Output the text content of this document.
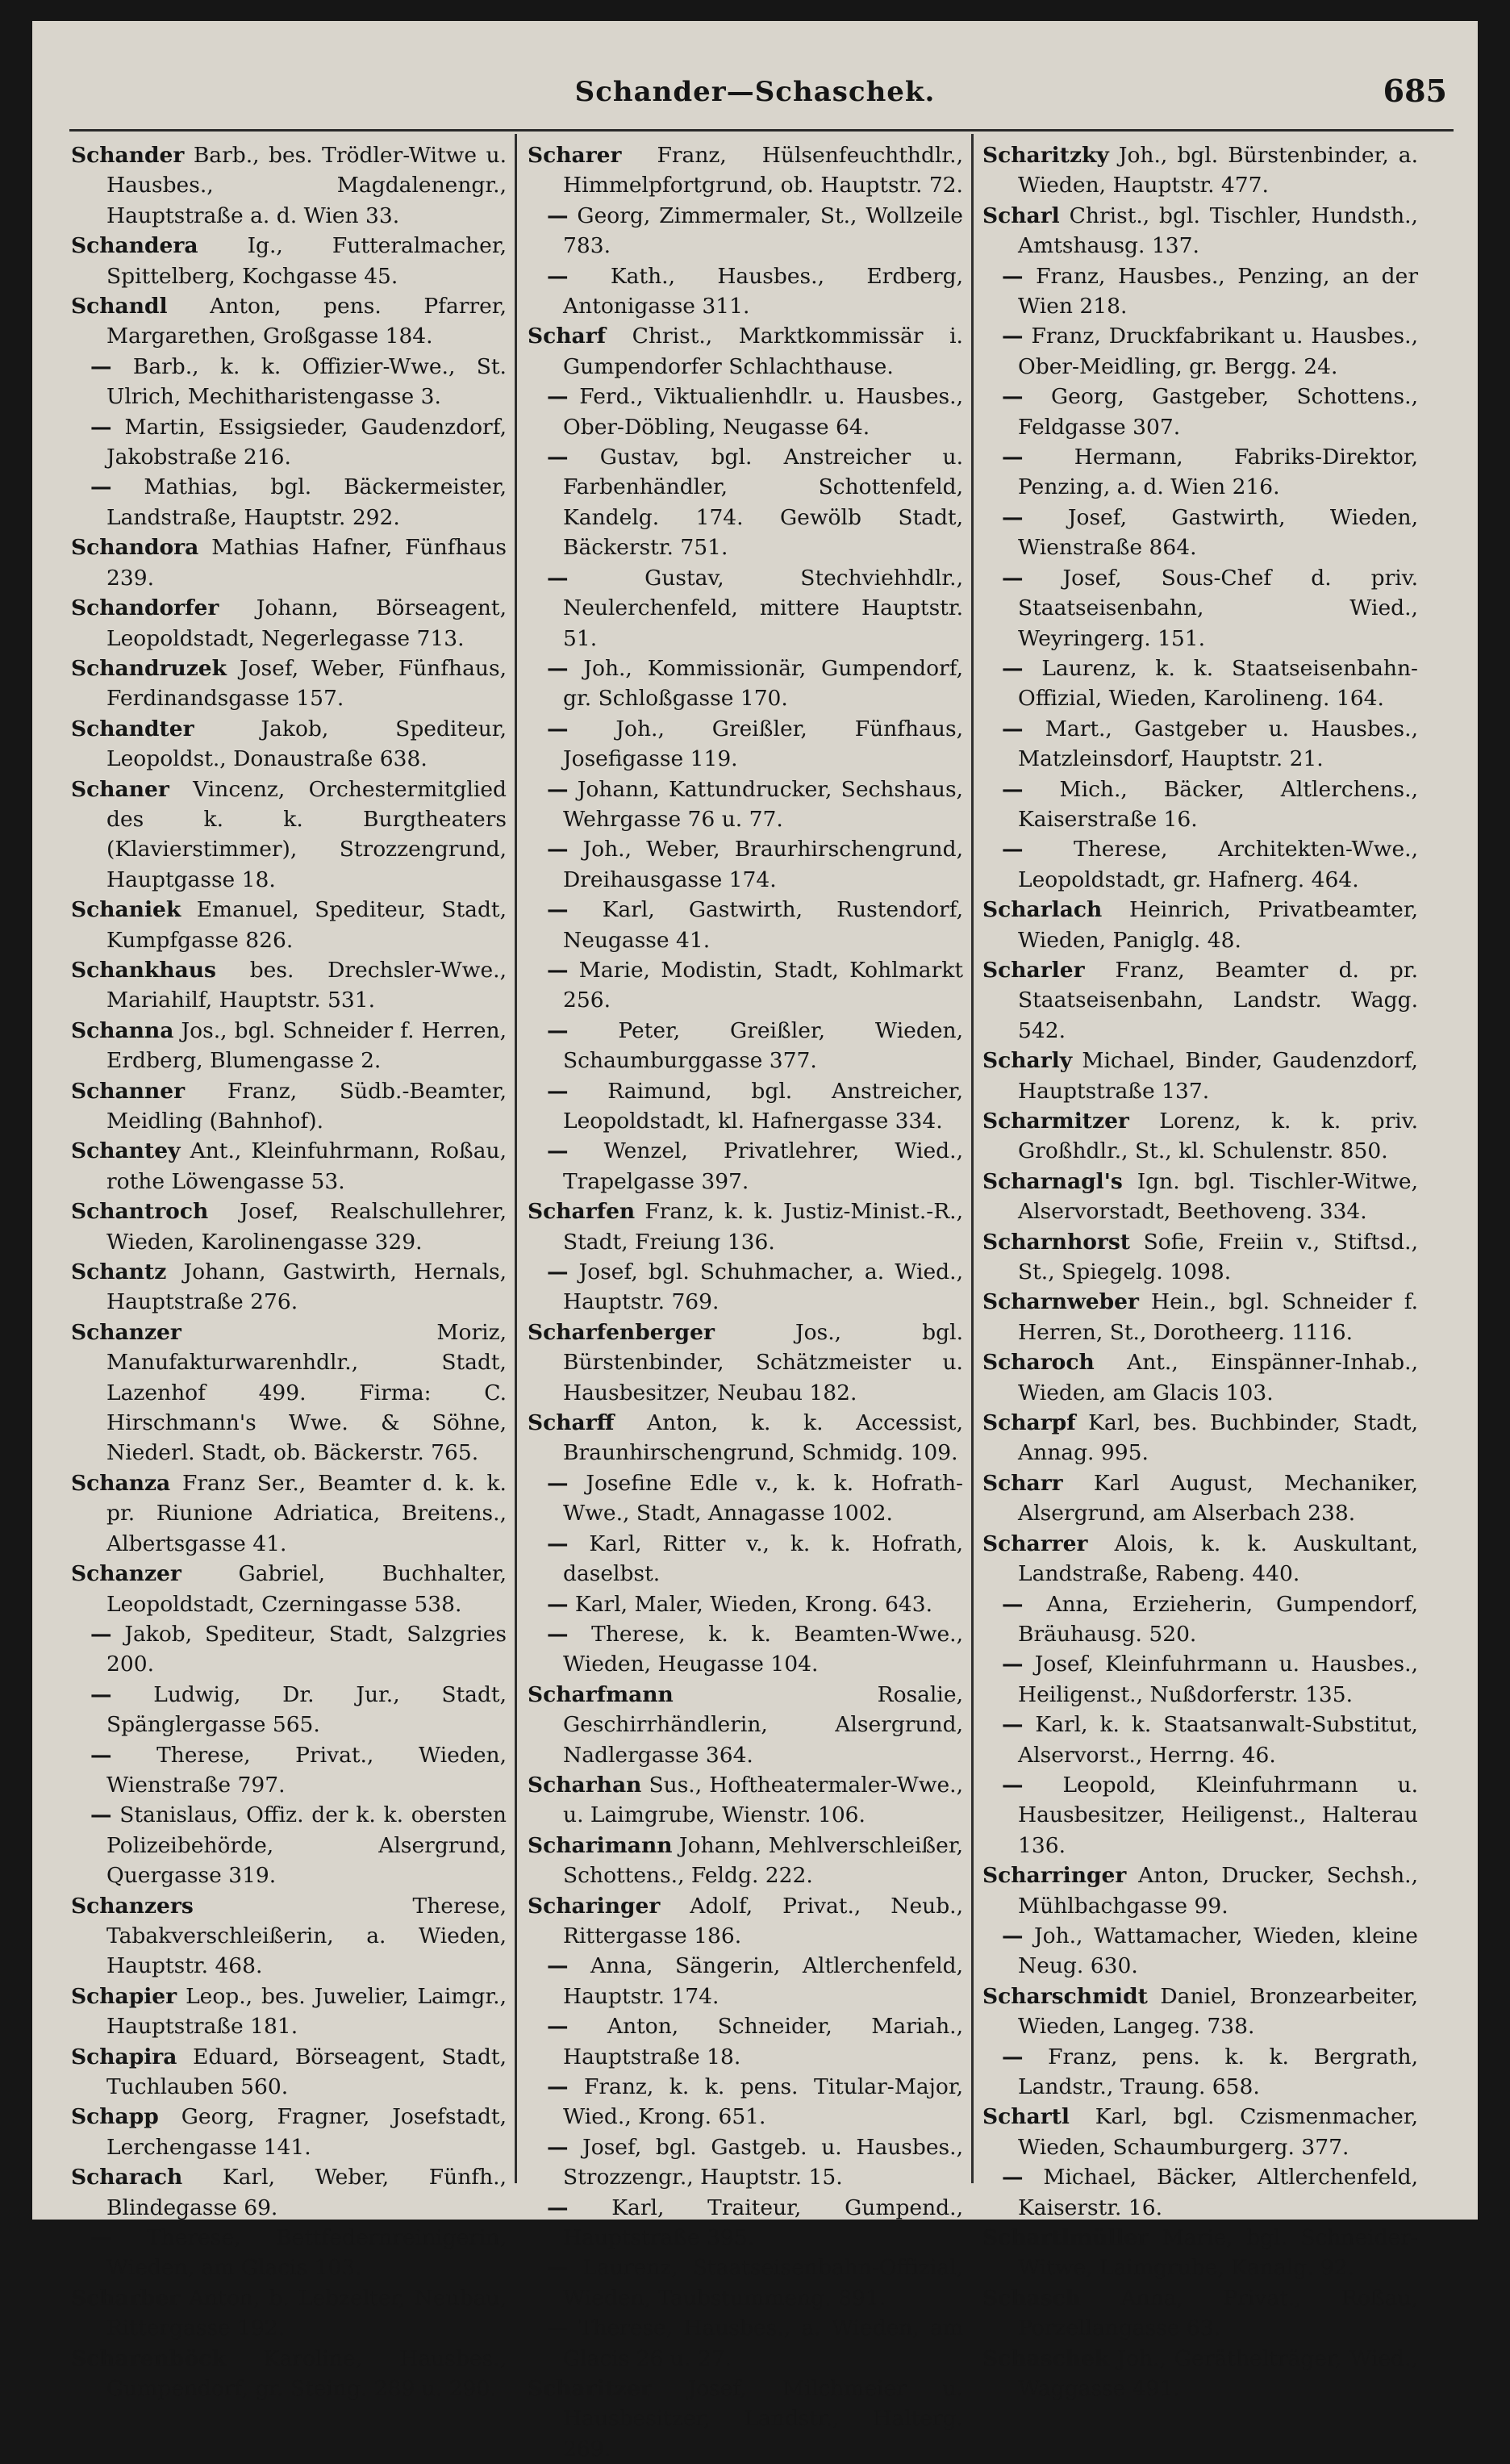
Schander—Schaschek.	685

Schander Barb., bes. Trödler-Witwe u. Hausbes., Magdalenengr., Hauptstraße a. d. Wien 33.

Schandera Ig., Futteralmacher, Spittelberg, Kochgasse 45.

Schandl Anton, pens. Pfarrer, Margarethen, Großgasse 184.

— Barb., k. k. Offizier-Wwe., St. Ulrich, Mechitharistengasse 3.

— Martin, Essigsieder, Gaudenzdorf, Jakobstraße 216.

— Mathias, bgl. Bäckermeister, Landstraße, Hauptstr. 292.

Schandora Mathias Hafner, Fünfhaus 239.

Schandorfer Johann, Börseagent, Leopoldstadt, Negerlegasse 713.

Schandruzek Josef, Weber, Fünfhaus, Ferdinandsgasse 157.

Schandter Jakob, Spediteur, Leopoldst., Donaustraße 638.

Schaner Vincenz, Orchestermitglied des k. k. Burgtheaters (Klavierstimmer), Strozzengrund, Hauptgasse 18.

Schaniek Emanuel, Spediteur, Stadt, Kumpfgasse 826.

Schankhaus bes. Drechsler-Wwe., Mariahilf, Hauptstr. 531.

Schanna Jos., bgl. Schneider f. Herren, Erdberg, Blumengasse 2.

Schanner Franz, Südb.-Beamter, Meidling (Bahnhof).

Schantey Ant., Kleinfuhrmann, Roßau, rothe Löwengasse 53.

Schantroch Josef, Realschullehrer, Wieden, Karolinengasse 329.

Schantz Johann, Gastwirth, Hernals, Hauptstraße 276.

Schanzer Moriz, Manufakturwarenhdlr., Stadt, Lazenhof 499. Firma: C. Hirschmann's Wwe. & Söhne, Niederl. Stadt, ob. Bäckerstr. 765.

Schanza Franz Ser., Beamter d. k. k. pr. Riunione Adriatica, Breitens., Albertsgasse 41.

Schanzer Gabriel, Buchhalter, Leopoldstadt, Czerningasse 538.

— Jakob, Spediteur, Stadt, Salzgries 200.

— Ludwig, Dr. Jur., Stadt, Spänglergasse 565.

— Therese, Privat., Wieden, Wienstraße 797.

— Stanislaus, Offiz. der k. k. obersten Polizeibehörde, Alsergrund, Quergasse 319.

Schanzers Therese, Tabakverschleißerin, a. Wieden, Hauptstr. 468.

Schapier Leop., bes. Juwelier, Laimgr., Hauptstraße 181.

Schapira Eduard, Börseagent, Stadt, Tuchlauben 560.

Schapp Georg, Fragner, Josefstadt, Lerchengasse 141.

Scharach Karl, Weber, Fünfh., Blindegasse 69.

— Therese, Bettfedernreinigerin, Wieden, am Glacis 103.

Scharber Anton, b. Lebzelter, Neubau, Rittergasse 192.

Scharenböck Karoline, Hausbes., Gumpendorf, gr. Steing. 289 u. 290.

Scharer Franz, Hülsenfeuchthdlr., Himmelpfortgrund, ob. Hauptstr. 72.

— Georg, Zimmermaler, St., Wollzeile 783.

— Kath., Hausbes., Erdberg, Antonigasse 311.

Scharf Christ., Marktkommissär i. Gumpendorfer Schlachthause.

— Ferd., Viktualienhdlr. u. Hausbes., Ober-Döbling, Neugasse 64.

— Gustav, bgl. Anstreicher u. Farbenhändler, Schottenfeld, Kandelg. 174. Gewölb Stadt, Bäckerstr. 751.

— Gustav, Stechviehhdlr., Neulerchenfeld, mittere Hauptstr. 51.

— Joh., Kommissionär, Gumpendorf, gr. Schloßgasse 170.

— Joh., Greißler, Fünfhaus, Josefigasse 119.

— Johann, Kattundrucker, Sechshaus, Wehrgasse 76 u. 77.

— Joh., Weber, Braurhirschengrund, Dreihausgasse 174.

— Karl, Gastwirth, Rustendorf, Neugasse 41.

— Marie, Modistin, Stadt, Kohlmarkt 256.

— Peter, Greißler, Wieden, Schaumburggasse 377.

— Raimund, bgl. Anstreicher, Leopoldstadt, kl. Hafnergasse 334.

— Wenzel, Privatlehrer, Wied., Trapelgasse 397.

Scharfen Franz, k. k. Justiz-Minist.-R., Stadt, Freiung 136.

— Josef, bgl. Schuhmacher, a. Wied., Hauptstr. 769.

Scharfenberger Jos., bgl. Bürstenbinder, Schätzmeister u. Hausbesitzer, Neubau 182.

Scharff Anton, k. k. Accessist, Braunhirschengrund, Schmidg. 109.

— Josefine Edle v., k. k. Hofrath-Wwe., Stadt, Annagasse 1002.

— Karl, Ritter v., k. k. Hofrath, daselbst.

— Karl, Maler, Wieden, Krong. 643.

— Therese, k. k. Beamten-Wwe., Wieden, Heugasse 104.

Scharfmann Rosalie, Geschirrhändlerin, Alsergrund, Nadlergasse 364.

Scharhan Sus., Hoftheatermaler-Wwe., u. Laimgrube, Wienstr. 106.

Scharimann Johann, Mehlverschleißer, Schottens., Feldg. 222.

Scharinger Adolf, Privat., Neub., Rittergasse 186.

— Anna, Sängerin, Altlerchenfeld, Hauptstr. 174.

— Anton, Schneider, Mariah., Hauptstraße 18.

— Franz, k. k. pens. Titular-Major, Wied., Krong. 651.

— Josef, bgl. Gastgeb. u. Hausbes., Strozzengr., Hauptstr. 15.

— Karl, Traiteur, Gumpend., Hauptstraße 395.

— Laurenz, Staatseisenbahn-Offizial, Wieden, Taubstummeng. 891.

— Therese, Hausbes., a. Wieden, am Glacis 26 u. 27.

Scharitzer Josef, Milchmeier u. Hausbesitzer, Landstr., Halterg. 269.

Scharitzky Joh., bgl. Bürstenbinder, a. Wieden, Hauptstr. 477.

Scharl Christ., bgl. Tischler, Hundsth., Amtshausg. 137.

— Franz, Hausbes., Penzing, an der Wien 218.

— Franz, Druckfabrikant u. Hausbes., Ober-Meidling, gr. Bergg. 24.

— Georg, Gastgeber, Schottens., Feldgasse 307.

— Hermann, Fabriks-Direktor, Penzing, a. d. Wien 216.

— Josef, Gastwirth, Wieden, Wienstraße 864.

— Josef, Sous-Chef d. priv. Staatseisenbahn, Wied., Weyringerg. 151.

— Laurenz, k. k. Staatseisenbahn-Offizial, Wieden, Karolineng. 164.

— Mart., Gastgeber u. Hausbes., Matzleinsdorf, Hauptstr. 21.

— Mich., Bäcker, Altlerchens., Kaiserstraße 16.

— Therese, Architekten-Wwe., Leopoldstadt, gr. Hafnerg. 464.

Scharlach Heinrich, Privatbeamter, Wieden, Paniglg. 48.

Scharler Franz, Beamter d. pr. Staatseisenbahn, Landstr. Wagg. 542.

Scharly Michael, Binder, Gaudenzdorf, Hauptstraße 137.

Scharmitzer Lorenz, k. k. priv. Großhdlr., St., kl. Schulenstr. 850.

Scharnagl's Ign. bgl. Tischler-Witwe, Alservorstadt, Beethoveng. 334.

Scharnhorst Sofie, Freiin v., Stiftsd., St., Spiegelg. 1098.

Scharnweber Hein., bgl. Schneider f. Herren, St., Dorotheerg. 1116.

Scharoch Ant., Einspänner-Inhab., Wieden, am Glacis 103.

Scharpf Karl, bes. Buchbinder, Stadt, Annag. 995.

Scharr Karl August, Mechaniker, Alsergrund, am Alserbach 238.

Scharrer Alois, k. k. Auskultant, Landstraße, Rabeng. 440.

— Anna, Erzieherin, Gumpendorf, Bräuhausg. 520.

— Josef, Kleinfuhrmann u. Hausbes., Heiligenst., Nußdorferstr. 135.

— Karl, k. k. Staatsanwalt-Substitut, Alservorst., Herrng. 46.

— Leopold, Kleinfuhrmann u. Hausbesitzer, Heiligenst., Halterau 136.

Scharringer Anton, Drucker, Sechsh., Mühlbachgasse 99.

— Joh., Wattamacher, Wieden, kleine Neug. 630.

Scharschmidt Daniel, Bronzearbeiter, Wieden, Langeg. 738.

— Franz, pens. k. k. Bergrath, Landstr., Traung. 658.

Schartl Karl, bgl. Czismenmacher, Wieden, Schaumburgerg. 377.

— Michael, Bäcker, Altlerchenfeld, Kaiserstr. 16.

Schartlmüller Marie, bgl. Schneider-Witwe, Laimgrube, Kanalg. 92.

Schasch Anna, Privat., Roßau, Porzellangasse 63.

Schaschek Joh., Geräthelträger, Wied., Waggasse 491.
